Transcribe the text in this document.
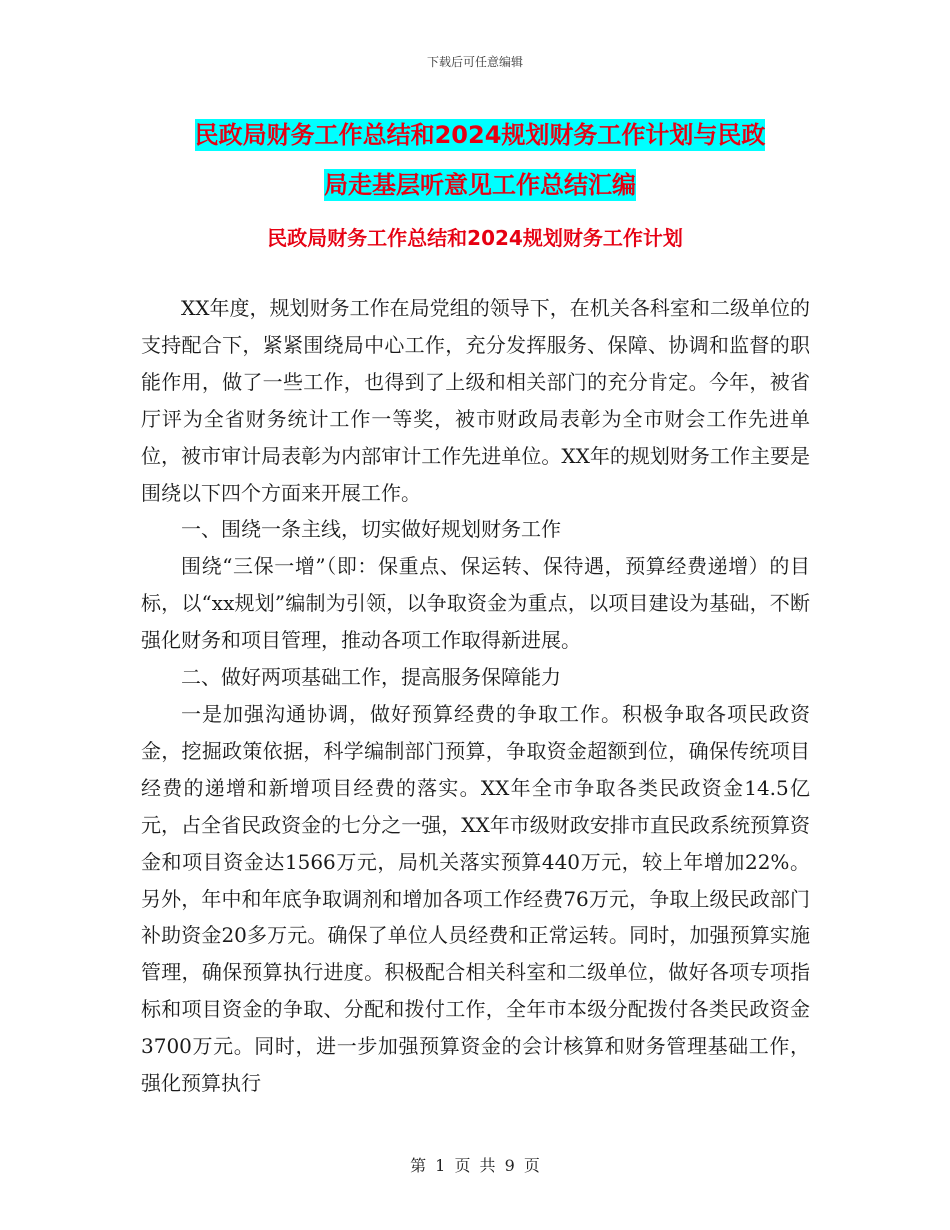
下载后可任意编辑
民政局财务工作总结和2024规划财务工作计划与民政
局走基层听意见工作总结汇编
民政局财务工作总结和2024规划财务工作计划

XX年度，规划财务工作在局党组的领导下，在机关各科室和二级单位的支持配合下，紧紧围绕局中心工作，充分发挥服务、保障、协调和监督的职能作用，做了一些工作，也得到了上级和相关部门的充分肯定。今年，被省厅评为全省财务统计工作一等奖，被市财政局表彰为全市财会工作先进单位，被市审计局表彰为内部审计工作先进单位。XX年的规划财务工作主要是围绕以下四个方面来开展工作。

一、围绕一条主线，切实做好规划财务工作

围绕“三保一增”（即：保重点、保运转、保待遇，预算经费递增）的目标，以“xx规划”编制为引领，以争取资金为重点，以项目建设为基础，不断强化财务和项目管理，推动各项工作取得新进展。

二、做好两项基础工作，提高服务保障能力

一是加强沟通协调，做好预算经费的争取工作。积极争取各项民政资金，挖掘政策依据，科学编制部门预算，争取资金超额到位，确保传统项目经费的递增和新增项目经费的落实。XX年全市争取各类民政资金14.5亿元，占全省民政资金的七分之一强，XX年市级财政安排市直民政系统预算资金和项目资金达1566万元，局机关落实预算440万元，较上年增加22%。另外，年中和年底争取调剂和增加各项工作经费76万元，争取上级民政部门补助资金20多万元。确保了单位人员经费和正常运转。同时，加强预算实施管理，确保预算执行进度。积极配合相关科室和二级单位，做好各项专项指标和项目资金的争取、分配和拨付工作，全年市本级分配拨付各类民政资金3700万元。同时，进一步加强预算资金的会计核算和财务管理基础工作，强化预算执行

第 1 页 共 9 页
